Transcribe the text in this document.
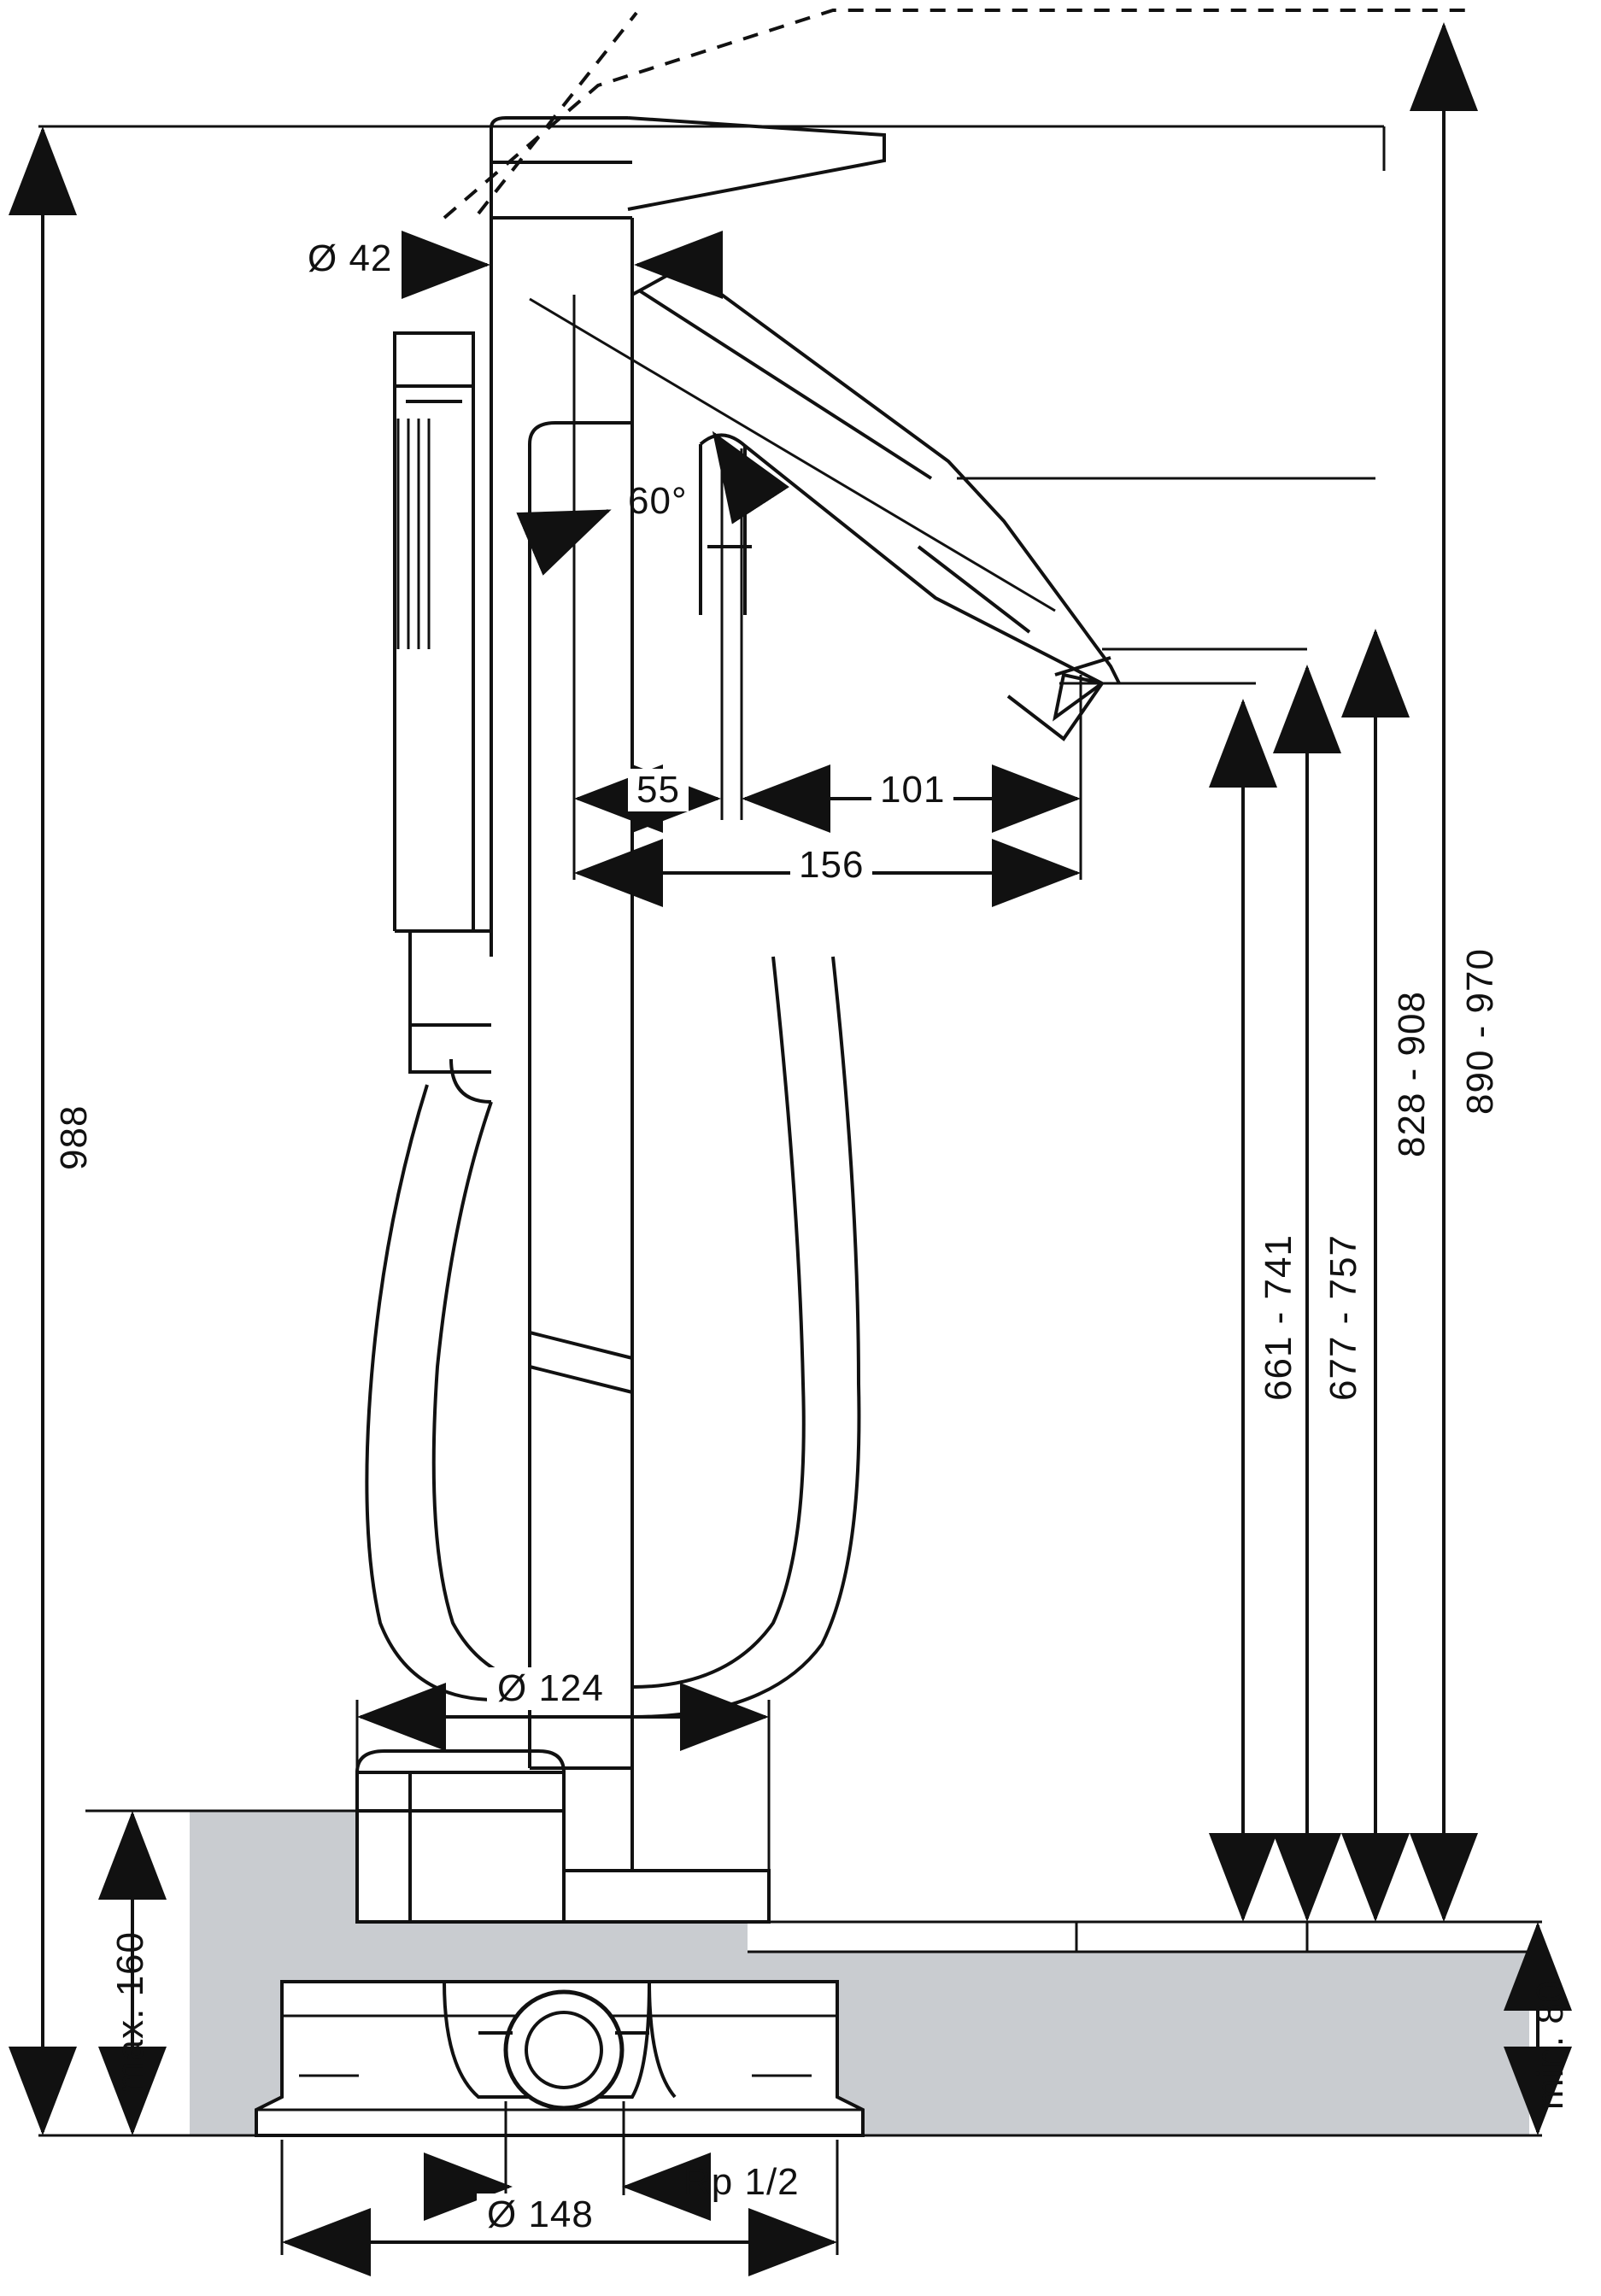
Ø 42
60°
55	101
156
988
661 - 741 677 - 757
828 - 908 890 - 970
Ø 124
Ø 148
Rp 1/2
max. 160	min. 80
